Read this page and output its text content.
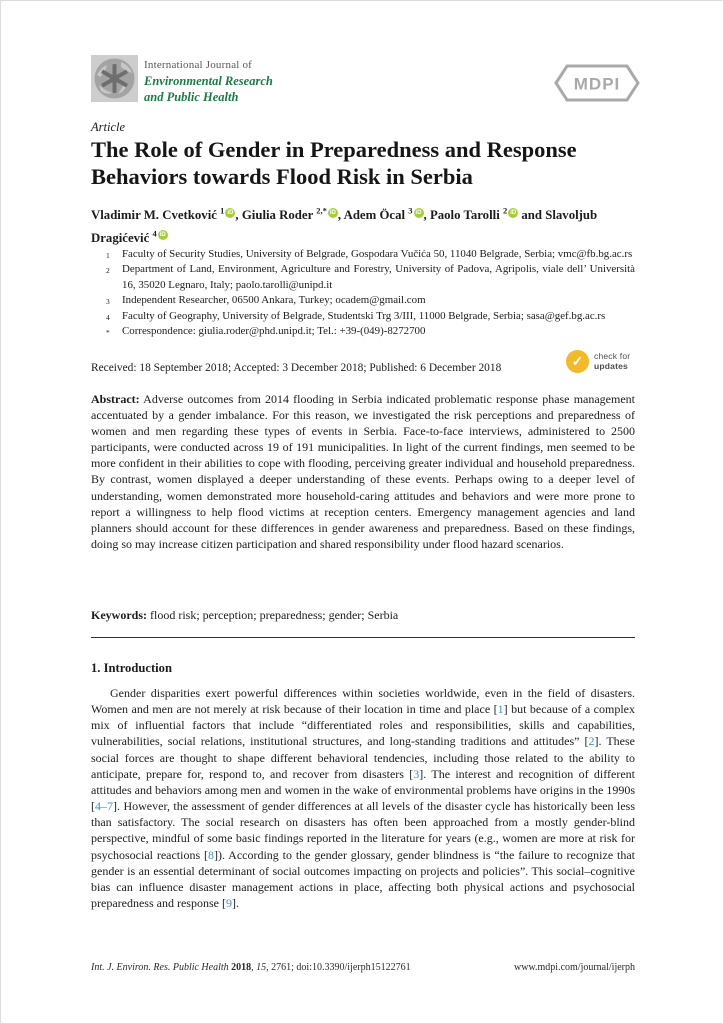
International Journal of
Environmental Research
and Public Health
MDPI
Article
The Role of Gender in Preparedness and Response
Behaviors towards Flood Risk in Serbia
Vladimir M. Cvetković $^1$ iD , Giulia Roder $^{2,*}$ iD , Adem Öcal $^3$ iD , Paolo Tarolli $^2$ iD and Slavoljub Dragićević $^4$ iD
$^1$	Faculty of Security Studies, University of Belgrade, Gospodara Vučića 50, 11040 Belgrade, Serbia; vmc@fb.bg.ac.rs
$^2$	Department of Land, Environment, Agriculture and Forestry, University of Padova, Agripolis, viale dell’ Università 16, 35020 Legnaro, Italy; paolo.tarolli@unipd.it
$^3$	Independent Researcher, 06500 Ankara, Turkey; ocadem@gmail.com
$^4$	Faculty of Geography, University of Belgrade, Studentski Trg 3/III, 11000 Belgrade, Serbia; sasa@gef.bg.ac.rs
*	Correspondence: giulia.roder@phd.unipd.it; Tel.: +39-(049)-8272700
Received: 18 September 2018; Accepted: 3 December 2018; Published: 6 December 2018	✓	check for
updates
Abstract: Adverse outcomes from 2014 flooding in Serbia indicated problematic response phase management accentuated by a gender imbalance. For this reason, we investigated the risk perceptions and preparedness of women and men regarding these types of events in Serbia. Face-to-face interviews, administered to 2500 participants, were conducted across 19 of 191 municipalities. In light of the current findings, men seemed to be more confident in their abilities to cope with flooding, perceiving greater individual and household preparedness. By contrast, women displayed a deeper understanding of these events. Perhaps owing to a deeper level of understanding, women demonstrated more household-caring attitudes and behaviors and were more prone to report a willingness to help flood victims at reception centers. Emergency management agencies and land planners should account for these differences in gender awareness and preparedness. Based on these findings, doing so may increase citizen participation and shared responsibility under flood hazard scenarios.
Keywords: flood risk; perception; preparedness; gender; Serbia
1. Introduction
Gender disparities exert powerful differences within societies worldwide, even in the field of disasters. Women and men are not merely at risk because of their location in time and place [1] but because of a complex mix of influential factors that include “differentiated roles and responsibilities, skills and capabilities, vulnerabilities, social relations, institutional structures, and long-standing traditions and attitudes” [2]. These social forces are thought to shape different behavioral tendencies, including those related to the ability to anticipate, prepare for, respond to, and recover from disasters [3]. The interest and recognition of different attitudes and behaviors among men and women in the wake of environmental problems have origins in the 1990s [4–7]. However, the assessment of gender differences at all levels of the disaster cycle has historically been less than satisfactory. The social research on disasters has often been approached from a mostly gender-blind perspective, mindful of some basic findings reported in the literature for years (e.g., women are more at risk for psychosocial reactions [8]). According to the gender glossary, gender blindness is “the failure to recognize that gender is an essential determinant of social outcomes impacting on projects and policies”. This social–cognitive bias can influence disaster management actions in place, affecting both physical actions and psychosocial preparedness and response [9].
Int. J. Environ. Res. Public Health 2018, 15, 2761; doi:10.3390/ijerph15122761	www.mdpi.com/journal/ijerph
